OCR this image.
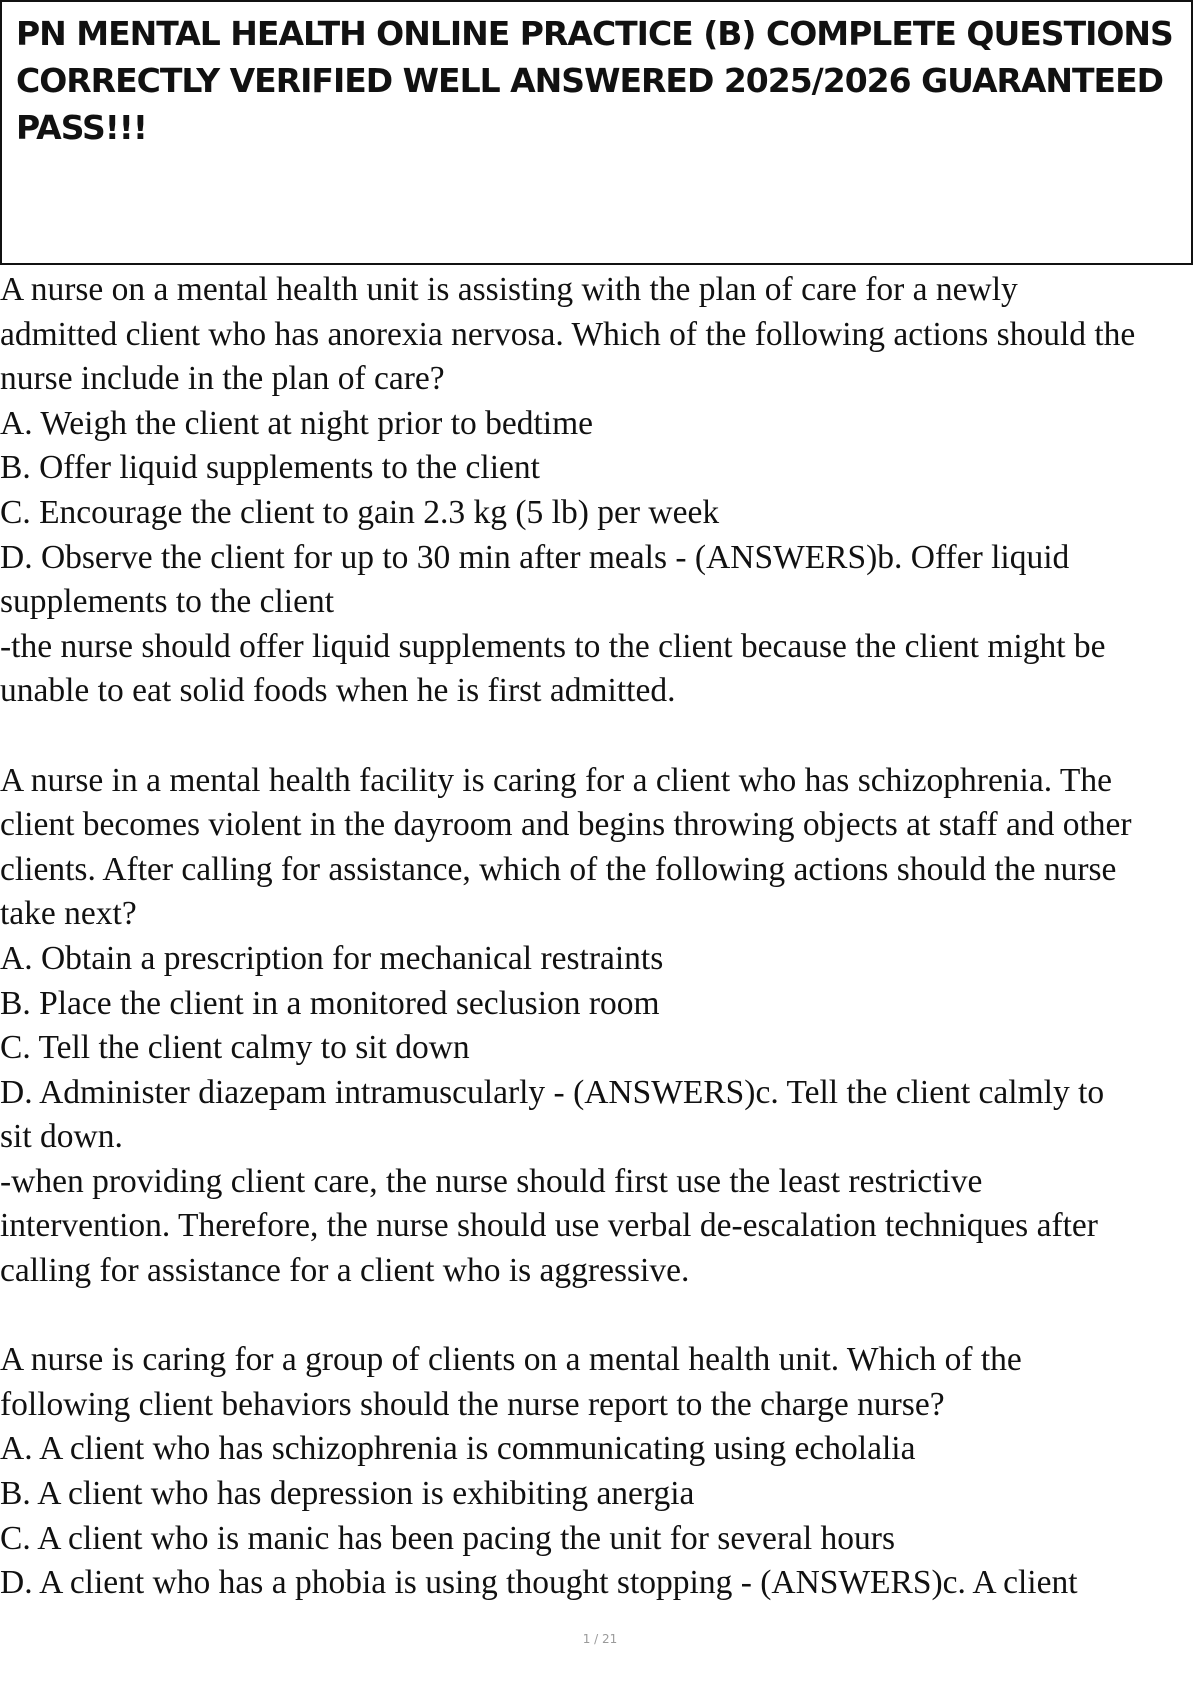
PN MENTAL HEALTH ONLINE PRACTICE (B) COMPLETE QUESTIONS
CORRECTLY VERIFIED WELL ANSWERED 2025/2026 GUARANTEED
PASS!!!

A nurse on a mental health unit is assisting with the plan of care for a newly
admitted client who has anorexia nervosa. Which of the following actions should the
nurse include in the plan of care?
A. Weigh the client at night prior to bedtime
B. Offer liquid supplements to the client
C. Encourage the client to gain 2.3 kg (5 lb) per week
D. Observe the client for up to 30 min after meals - (ANSWERS)b. Offer liquid
supplements to the client
-the nurse should offer liquid supplements to the client because the client might be
unable to eat solid foods when he is first admitted.
A nurse in a mental health facility is caring for a client who has schizophrenia. The
client becomes violent in the dayroom and begins throwing objects at staff and other
clients. After calling for assistance, which of the following actions should the nurse
take next?
A. Obtain a prescription for mechanical restraints
B. Place the client in a monitored seclusion room
C. Tell the client calmy to sit down
D. Administer diazepam intramuscularly - (ANSWERS)c. Tell the client calmly to
sit down.
-when providing client care, the nurse should first use the least restrictive
intervention. Therefore, the nurse should use verbal de-escalation techniques after
calling for assistance for a client who is aggressive.
A nurse is caring for a group of clients on a mental health unit. Which of the
following client behaviors should the nurse report to the charge nurse?
A. A client who has schizophrenia is communicating using echolalia
B. A client who has depression is exhibiting anergia
C. A client who is manic has been pacing the unit for several hours
D. A client who has a phobia is using thought stopping - (ANSWERS)c. A client
1 / 21
